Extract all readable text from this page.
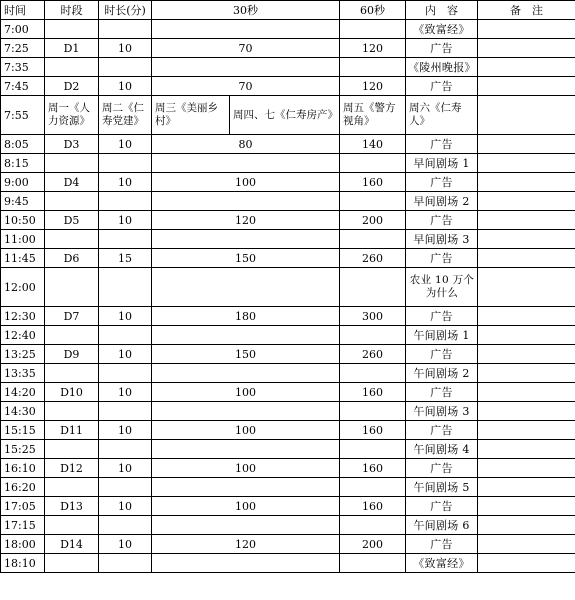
时间	时段	时长(分)	30秒		60秒	内　容	备　注
7:00						《致富经》	
7:25	D1	10	70		120	广告	
7:35						《陵州晚报》	
7:45	D2	10	70		120	广告	
7:55	周一《人力资源》	周二《仁寿党建》	周三《美丽乡村》	周四、七《仁寿房产》	周五《警方视角》	周六《仁寿人》	
8:05	D3	10	80		140	广告	
8:15						早间剧场 1	
9:00	D4	10	100		160	广告	
9:45						早间剧场 2	
10:50	D5	10	120		200	广告	
11:00						早间剧场 3	
11:45	D6	15	150		260	广告	
12:00						农业 10 万个为什么	
12:30	D7	10	180		300	广告	
12:40						午间剧场 1	
13:25	D9	10	150		260	广告	
13:35						午间剧场 2	
14:20	D10	10	100		160	广告	
14:30						午间剧场 3	
15:15	D11	10	100		160	广告	
15:25						午间剧场 4	
16:10	D12	10	100		160	广告	
16:20						午间剧场 5	
17:05	D13	10	100		160	广告	
17:15						午间剧场 6	
18:00	D14	10	120		200	广告	
18:10						《致富经》	
